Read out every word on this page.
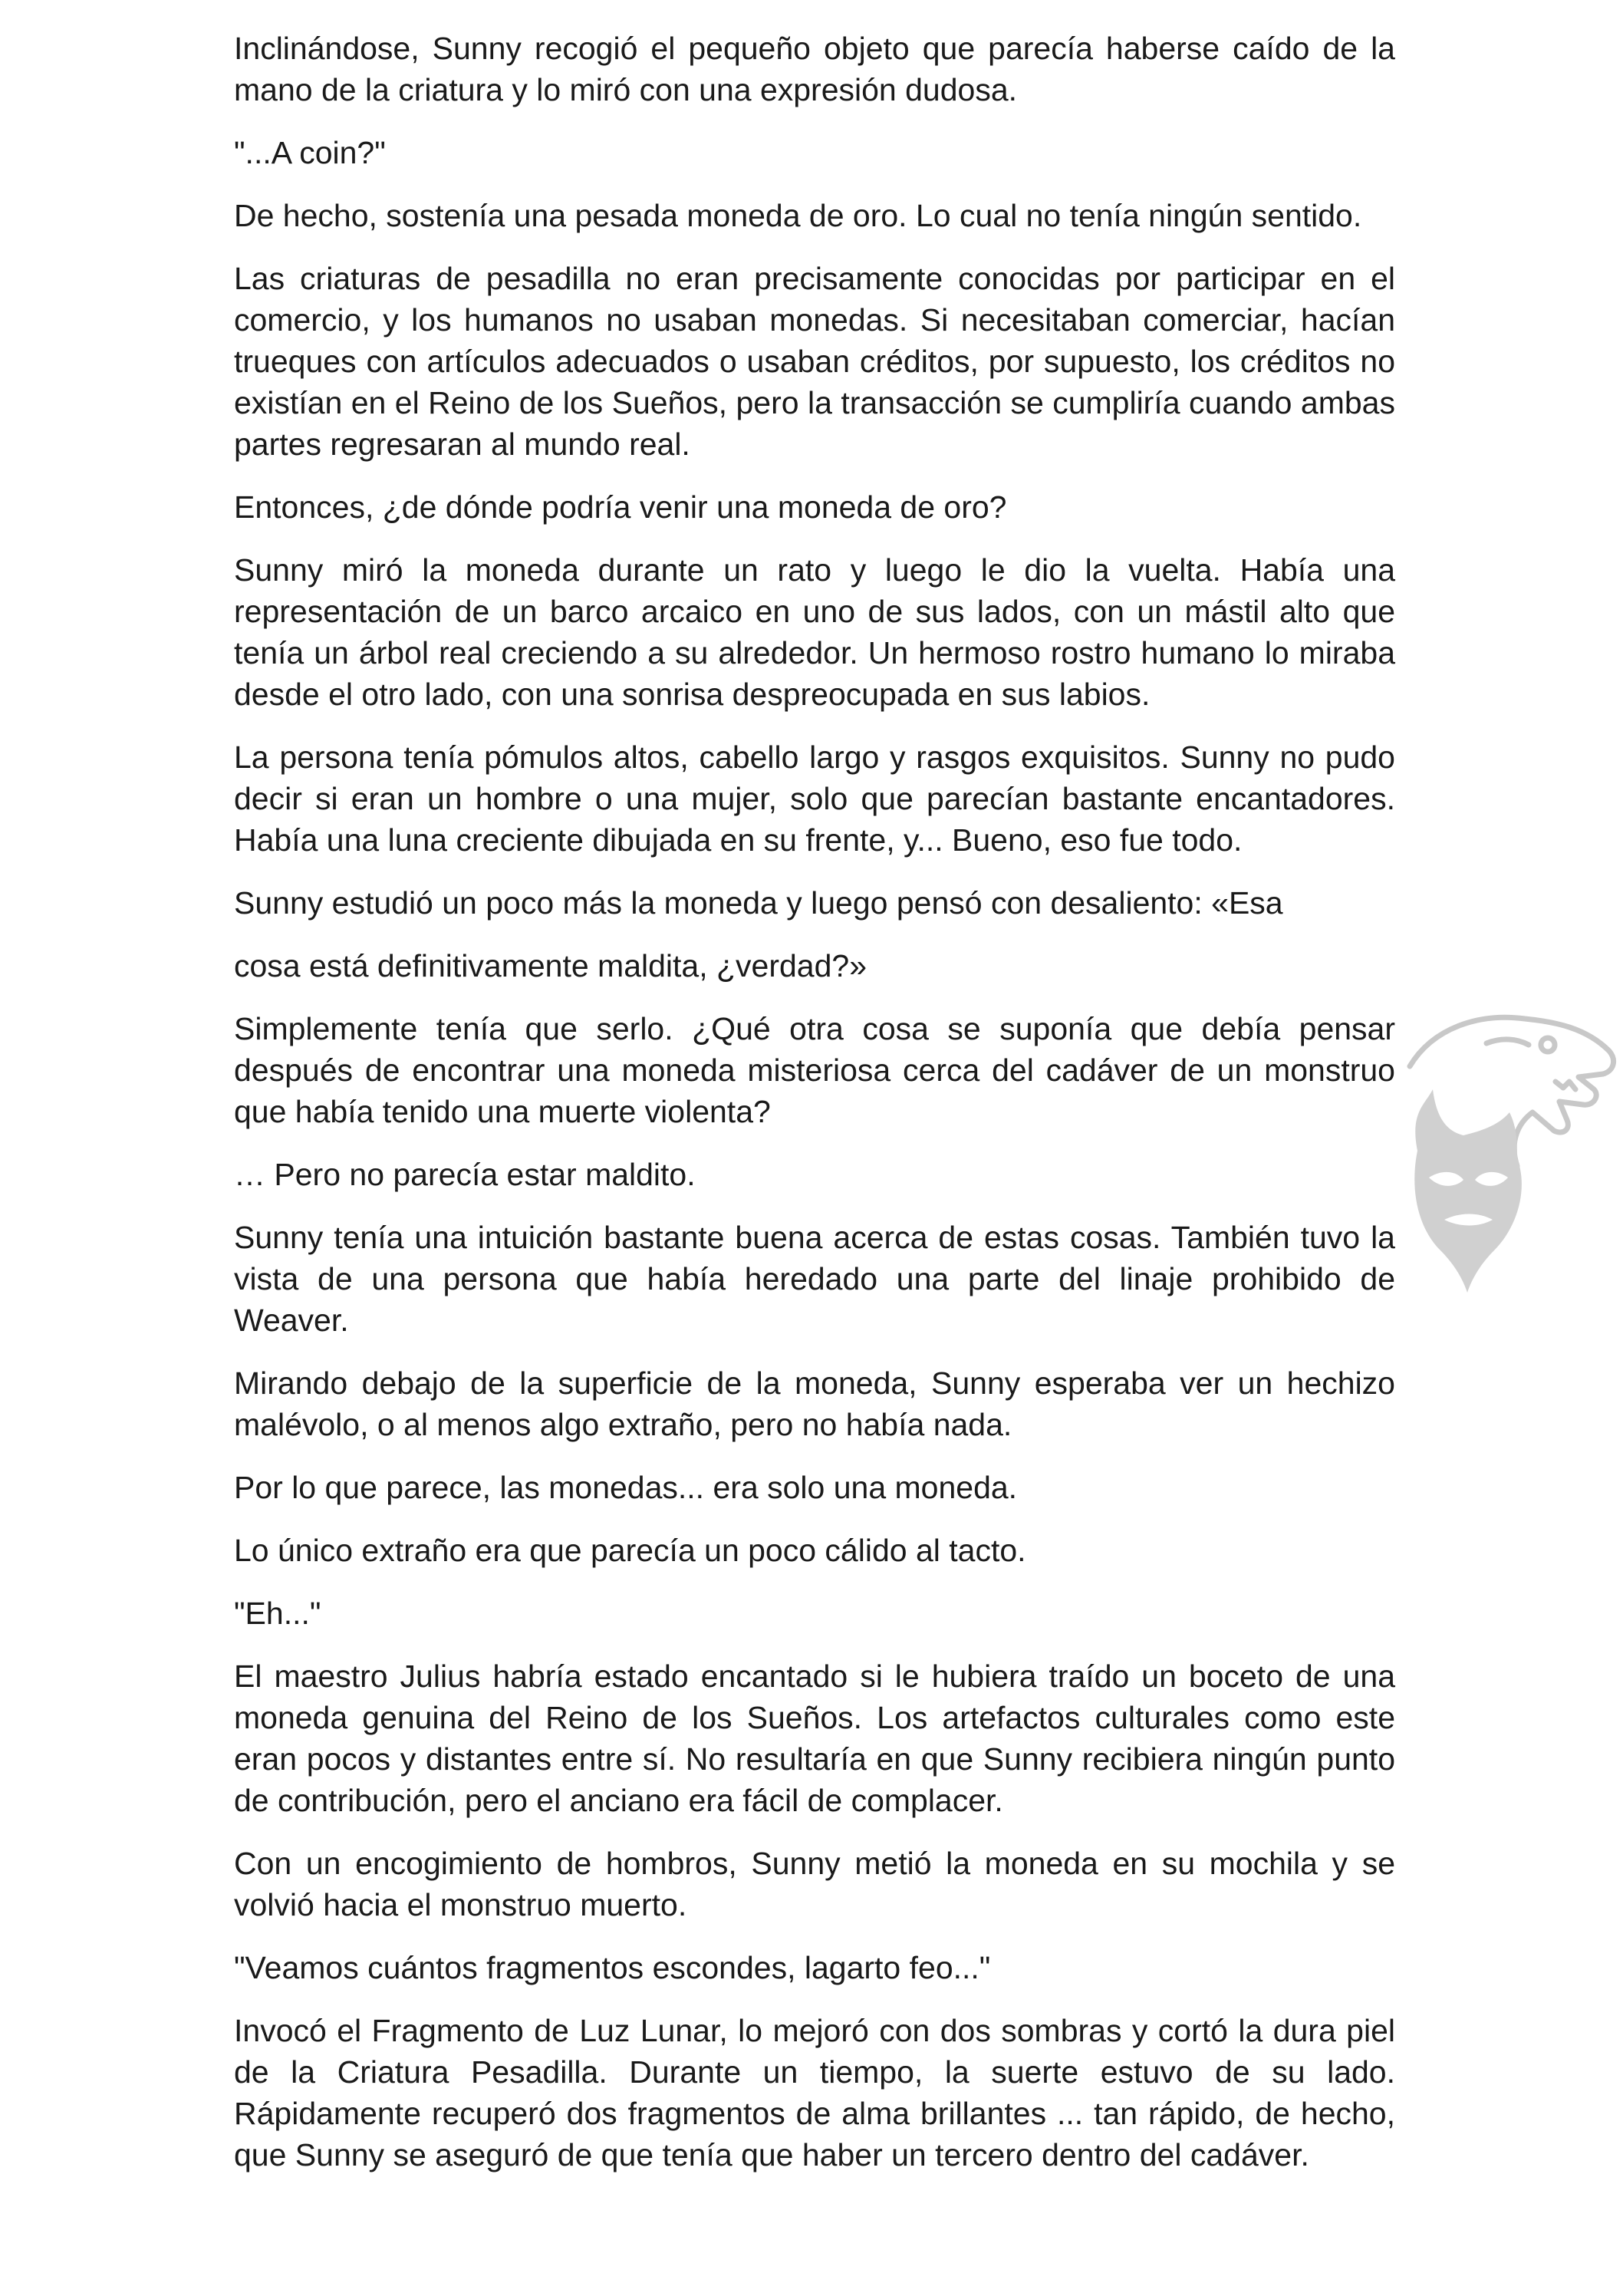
Inclinándose, Sunny recogió el pequeño objeto que parecía haberse caído de la mano de la criatura y lo miró con una expresión dudosa.

"...A coin?"

De hecho, sostenía una pesada moneda de oro. Lo cual no tenía ningún sentido.

Las criaturas de pesadilla no eran precisamente conocidas por participar en el comercio, y los humanos no usaban monedas. Si necesitaban comerciar, hacían trueques con artículos adecuados o usaban créditos, por supuesto, los créditos no existían en el Reino de los Sueños, pero la transacción se cumpliría cuando ambas partes regresaran al mundo real.

Entonces, ¿de dónde podría venir una moneda de oro?

Sunny miró la moneda durante un rato y luego le dio la vuelta. Había una representación de un barco arcaico en uno de sus lados, con un mástil alto que tenía un árbol real creciendo a su alrededor. Un hermoso rostro humano lo miraba desde el otro lado, con una sonrisa despreocupada en sus labios.

La persona tenía pómulos altos, cabello largo y rasgos exquisitos. Sunny no pudo decir si eran un hombre o una mujer, solo que parecían bastante encantadores. Había una luna creciente dibujada en su frente, y... Bueno, eso fue todo.

Sunny estudió un poco más la moneda y luego pensó con desaliento: «Esa

cosa está definitivamente maldita, ¿verdad?»

Simplemente tenía que serlo. ¿Qué otra cosa se suponía que debía pensar después de encontrar una moneda misteriosa cerca del cadáver de un monstruo que había tenido una muerte violenta?

… Pero no parecía estar maldito.

Sunny tenía una intuición bastante buena acerca de estas cosas. También tuvo la vista de una persona que había heredado una parte del linaje prohibido de Weaver.

Mirando debajo de la superficie de la moneda, Sunny esperaba ver un hechizo malévolo, o al menos algo extraño, pero no había nada.

Por lo que parece, las monedas... era solo una moneda.

Lo único extraño era que parecía un poco cálido al tacto.

"Eh..."

El maestro Julius habría estado encantado si le hubiera traído un boceto de una moneda genuina del Reino de los Sueños. Los artefactos culturales como este eran pocos y distantes entre sí. No resultaría en que Sunny recibiera ningún punto de contribución, pero el anciano era fácil de complacer.

Con un encogimiento de hombros, Sunny metió la moneda en su mochila y se volvió hacia el monstruo muerto.

"Veamos cuántos fragmentos escondes, lagarto feo..."

Invocó el Fragmento de Luz Lunar, lo mejoró con dos sombras y cortó la dura piel de la Criatura Pesadilla. Durante un tiempo, la suerte estuvo de su lado. Rápidamente recuperó dos fragmentos de alma brillantes ... tan rápido, de hecho, que Sunny se aseguró de que tenía que haber un tercero dentro del cadáver.
